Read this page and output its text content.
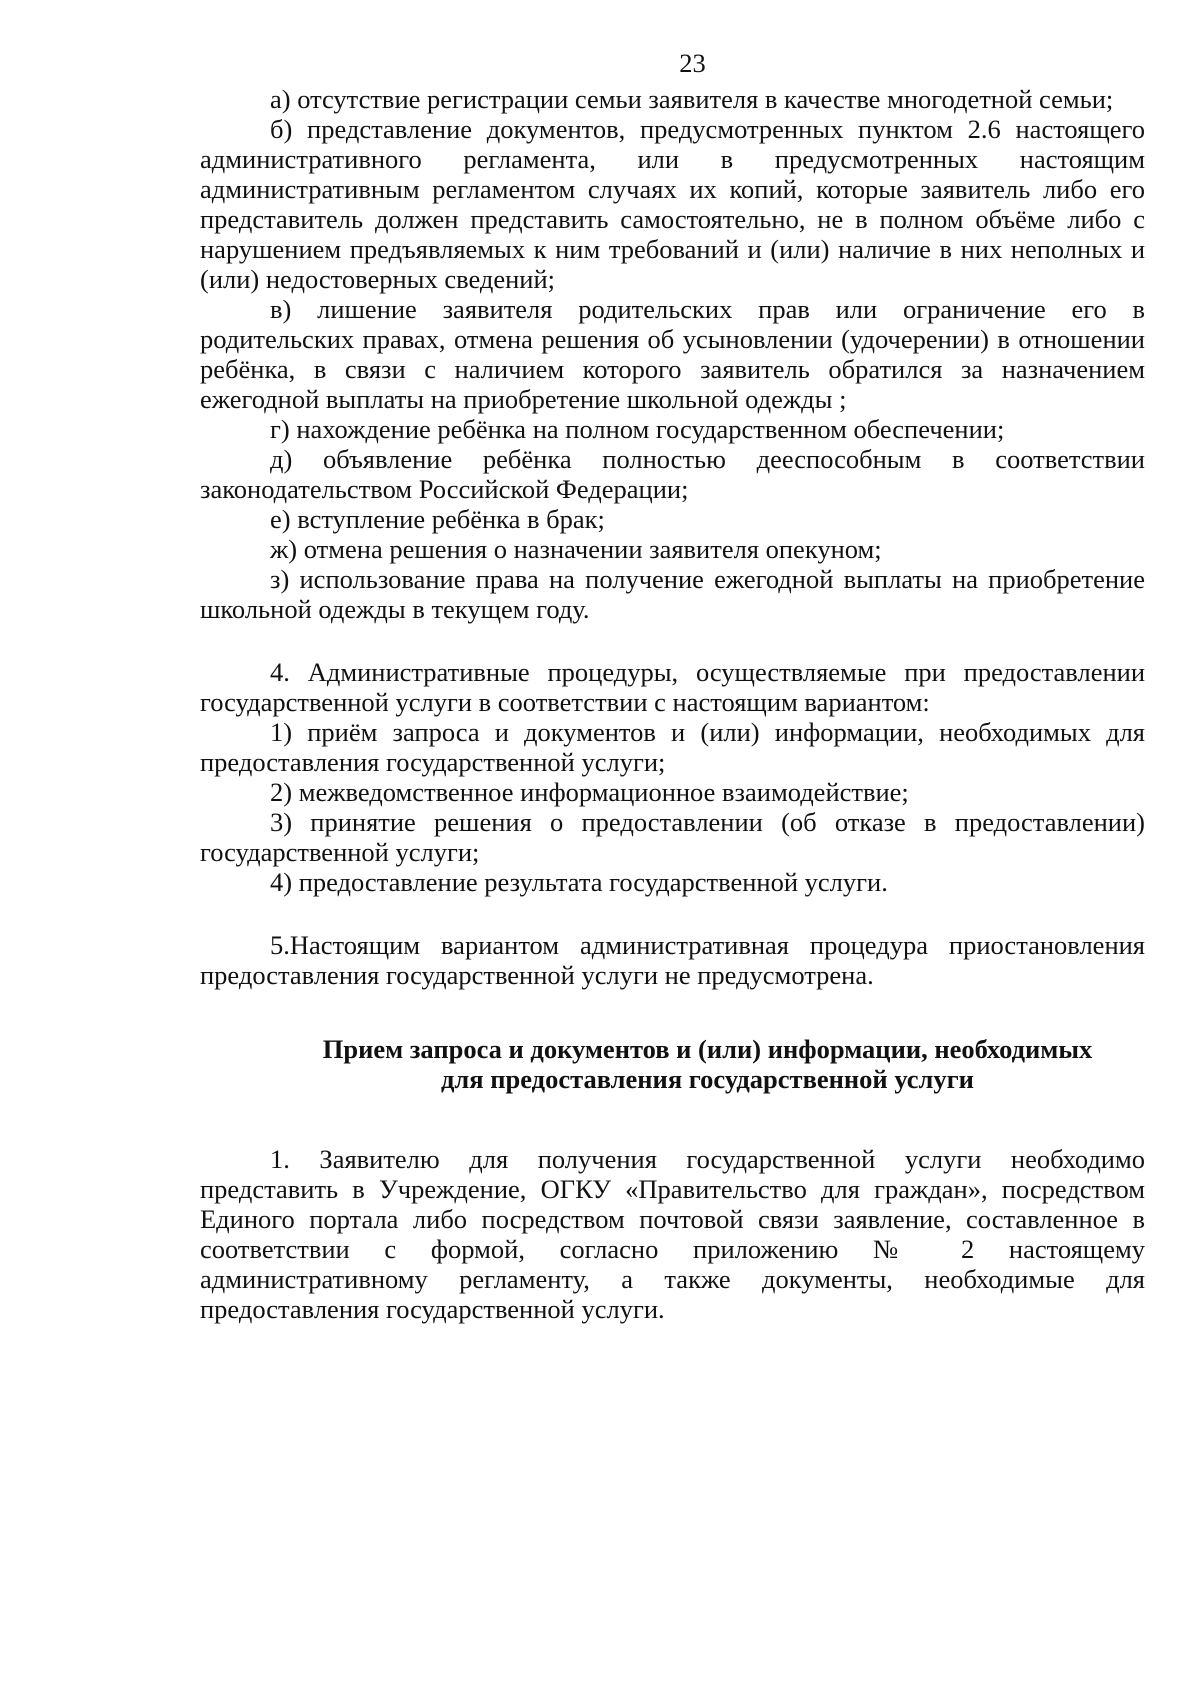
23

а) отсутствие регистрации семьи заявителя в качестве многодетной семьи;

б) представление документов, предусмотренных пунктом 2.6 настоящего административного регламента, или в предусмотренных настоящим административным регламентом случаях их копий, которые заявитель либо его представитель должен представить самостоятельно, не в полном объёме либо с нарушением предъявляемых к ним требований и (или) наличие в них неполных и (или) недостоверных сведений;

в) лишение заявителя родительских прав или ограничение его в родительских правах, отмена решения об усыновлении (удочерении) в отношении ребёнка, в связи с наличием которого заявитель обратился за назначением ежегодной выплаты на приобретение школьной одежды ;

г) нахождение ребёнка на полном государственном обеспечении;

д) объявление ребёнка полностью дееспособным в соответствии законодательством Российской Федерации;

е) вступление ребёнка в брак;

ж) отмена решения о назначении заявителя опекуном;

з) использование права на получение ежегодной выплаты на приобретение школьной одежды в текущем году.

4. Административные процедуры, осуществляемые при предоставлении государственной услуги в соответствии с настоящим вариантом:

1) приём запроса и документов и (или) информации, необходимых для предоставления государственной услуги;

2) межведомственное информационное взаимодействие;

3) принятие решения о предоставлении (об отказе в предоставлении) государственной услуги;

4) предоставление результата государственной услуги.

5.Настоящим вариантом административная процедура приостановления предоставления государственной услуги не предусмотрена.

Прием запроса и документов и (или) информации, необходимых

для предоставления государственной услуги

1. Заявителю для получения государственной услуги необходимо представить в Учреждение, ОГКУ «Правительство для граждан», посредством Единого портала либо посредством почтовой связи заявление, составленное в соответствии с формой, согласно приложению № 2 настоящему административному регламенту, а также документы, необходимые для предоставления государственной услуги.
